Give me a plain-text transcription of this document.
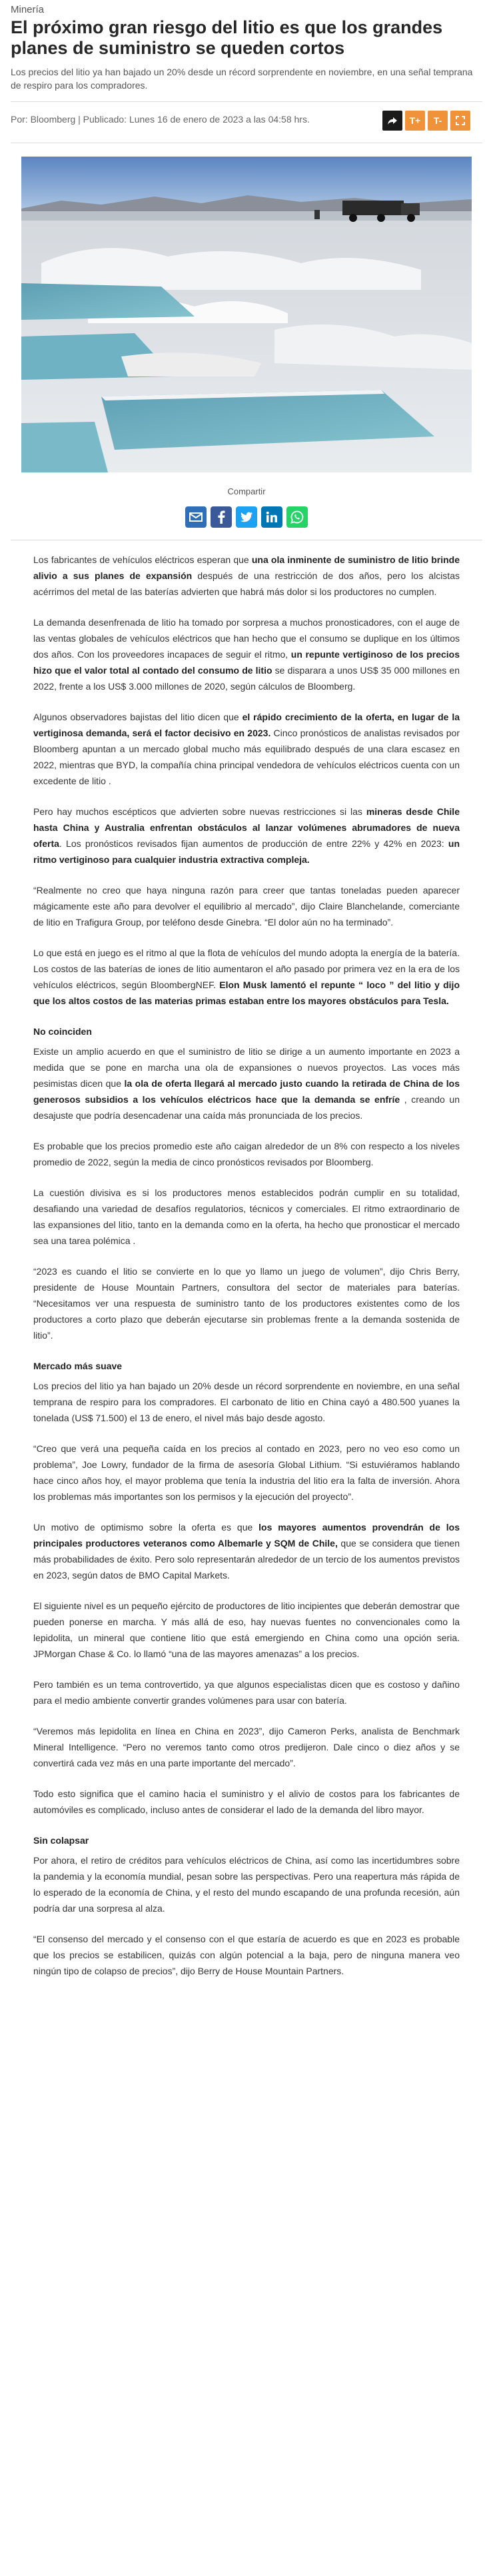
Minería
El próximo gran riesgo del litio es que los grandes planes de suministro se queden cortos

Los precios del litio ya han bajado un 20% desde un récord sorprendente en noviembre, en una señal temprana de respiro para los compradores.

Por: Bloomberg | Publicado: Lunes 16 de enero de 2023 a las 04:58 hrs.	T+	T-
Compartir

Los fabricantes de vehículos eléctricos esperan que una ola inminente de suministro de litio brinde alivio a sus planes de expansión después de una restricción de dos años, pero los alcistas acérrimos del metal de las baterías advierten que habrá más dolor si los productores no cumplen.

La demanda desenfrenada de litio ha tomado por sorpresa a muchos pronosticadores, con el auge de las ventas globales de vehículos eléctricos que han hecho que el consumo se duplique en los últimos dos años. Con los proveedores incapaces de seguir el ritmo, un repunte vertiginoso de los precios hizo que el valor total al contado del consumo de litio se disparara a unos US$ 35 000 millones en 2022, frente a los US$ 3.000 millones de 2020, según cálculos de Bloomberg.

Algunos observadores bajistas del litio dicen que el rápido crecimiento de la oferta, en lugar de la vertiginosa demanda, será el factor decisivo en 2023. Cinco pronósticos de analistas revisados por Bloomberg apuntan a un mercado global mucho más equilibrado después de una clara escasez en 2022, mientras que BYD, la compañía china principal vendedora de vehículos eléctricos cuenta con un excedente de litio .

Pero hay muchos escépticos que advierten sobre nuevas restricciones si las mineras desde Chile hasta China y Australia enfrentan obstáculos al lanzar volúmenes abrumadores de nueva oferta. Los pronósticos revisados fijan aumentos de producción de entre 22% y 42% en 2023: un ritmo vertiginoso para cualquier industria extractiva compleja.

“Realmente no creo que haya ninguna razón para creer que tantas toneladas pueden aparecer mágicamente este año para devolver el equilibrio al mercado”, dijo Claire Blanchelande, comerciante de litio en Trafigura Group, por teléfono desde Ginebra. “El dolor aún no ha terminado”.

Lo que está en juego es el ritmo al que la flota de vehículos del mundo adopta la energía de la batería. Los costos de las baterías de iones de litio aumentaron el año pasado por primera vez en la era de los vehículos eléctricos, según BloombergNEF. Elon Musk lamentó el repunte “ loco ” del litio y dijo que los altos costos de las materias primas estaban entre los mayores obstáculos para Tesla.

No coinciden

Existe un amplio acuerdo en que el suministro de litio se dirige a un aumento importante en 2023 a medida que se pone en marcha una ola de expansiones o nuevos proyectos. Las voces más pesimistas dicen que la ola de oferta llegará al mercado justo cuando la retirada de China de los generosos subsidios a los vehículos eléctricos hace que la demanda se enfríe , creando un desajuste que podría desencadenar una caída más pronunciada de los precios.

Es probable que los precios promedio este año caigan alrededor de un 8% con respecto a los niveles promedio de 2022, según la media de cinco pronósticos revisados por Bloomberg.

La cuestión divisiva es si los productores menos establecidos podrán cumplir en su totalidad, desafiando una variedad de desafíos regulatorios, técnicos y comerciales. El ritmo extraordinario de las expansiones del litio, tanto en la demanda como en la oferta, ha hecho que pronosticar el mercado sea una tarea polémica .

“2023 es cuando el litio se convierte en lo que yo llamo un juego de volumen”, dijo Chris Berry, presidente de House Mountain Partners, consultora del sector de materiales para baterías. “Necesitamos ver una respuesta de suministro tanto de los productores existentes como de los productores a corto plazo que deberán ejecutarse sin problemas frente a la demanda sostenida de litio”.

Mercado más suave

Los precios del litio ya han bajado un 20% desde un récord sorprendente en noviembre, en una señal temprana de respiro para los compradores. El carbonato de litio en China cayó a 480.500 yuanes la tonelada (US$ 71.500) el 13 de enero, el nivel más bajo desde agosto.

“Creo que verá una pequeña caída en los precios al contado en 2023, pero no veo eso como un problema”, Joe Lowry, fundador de la firma de asesoría Global Lithium. “Si estuviéramos hablando hace cinco años hoy, el mayor problema que tenía la industria del litio era la falta de inversión. Ahora los problemas más importantes son los permisos y la ejecución del proyecto”.

Un motivo de optimismo sobre la oferta es que los mayores aumentos provendrán de los principales productores veteranos como Albemarle y SQM de Chile, que se considera que tienen más probabilidades de éxito. Pero solo representarán alrededor de un tercio de los aumentos previstos en 2023, según datos de BMO Capital Markets.

El siguiente nivel es un pequeño ejército de productores de litio incipientes que deberán demostrar que pueden ponerse en marcha. Y más allá de eso, hay nuevas fuentes no convencionales como la lepidolita, un mineral que contiene litio que está emergiendo en China como una opción seria. JPMorgan Chase & Co. lo llamó “una de las mayores amenazas” a los precios.

Pero también es un tema controvertido, ya que algunos especialistas dicen que es costoso y dañino para el medio ambiente convertir grandes volúmenes para usar con batería.

“Veremos más lepidolita en línea en China en 2023”, dijo Cameron Perks, analista de Benchmark Mineral Intelligence. “Pero no veremos tanto como otros predijeron. Dale cinco o diez años y se convertirá cada vez más en una parte importante del mercado”.

Todo esto significa que el camino hacia el suministro y el alivio de costos para los fabricantes de automóviles es complicado, incluso antes de considerar el lado de la demanda del libro mayor.

Sin colapsar

Por ahora, el retiro de créditos para vehículos eléctricos de China, así como las incertidumbres sobre la pandemia y la economía mundial, pesan sobre las perspectivas. Pero una reapertura más rápida de lo esperado de la economía de China, y el resto del mundo escapando de una profunda recesión, aún podría dar una sorpresa al alza.

“El consenso del mercado y el consenso con el que estaría de acuerdo es que en 2023 es probable que los precios se estabilicen, quizás con algún potencial a la baja, pero de ninguna manera veo ningún tipo de colapso de precios”, dijo Berry de House Mountain Partners.
